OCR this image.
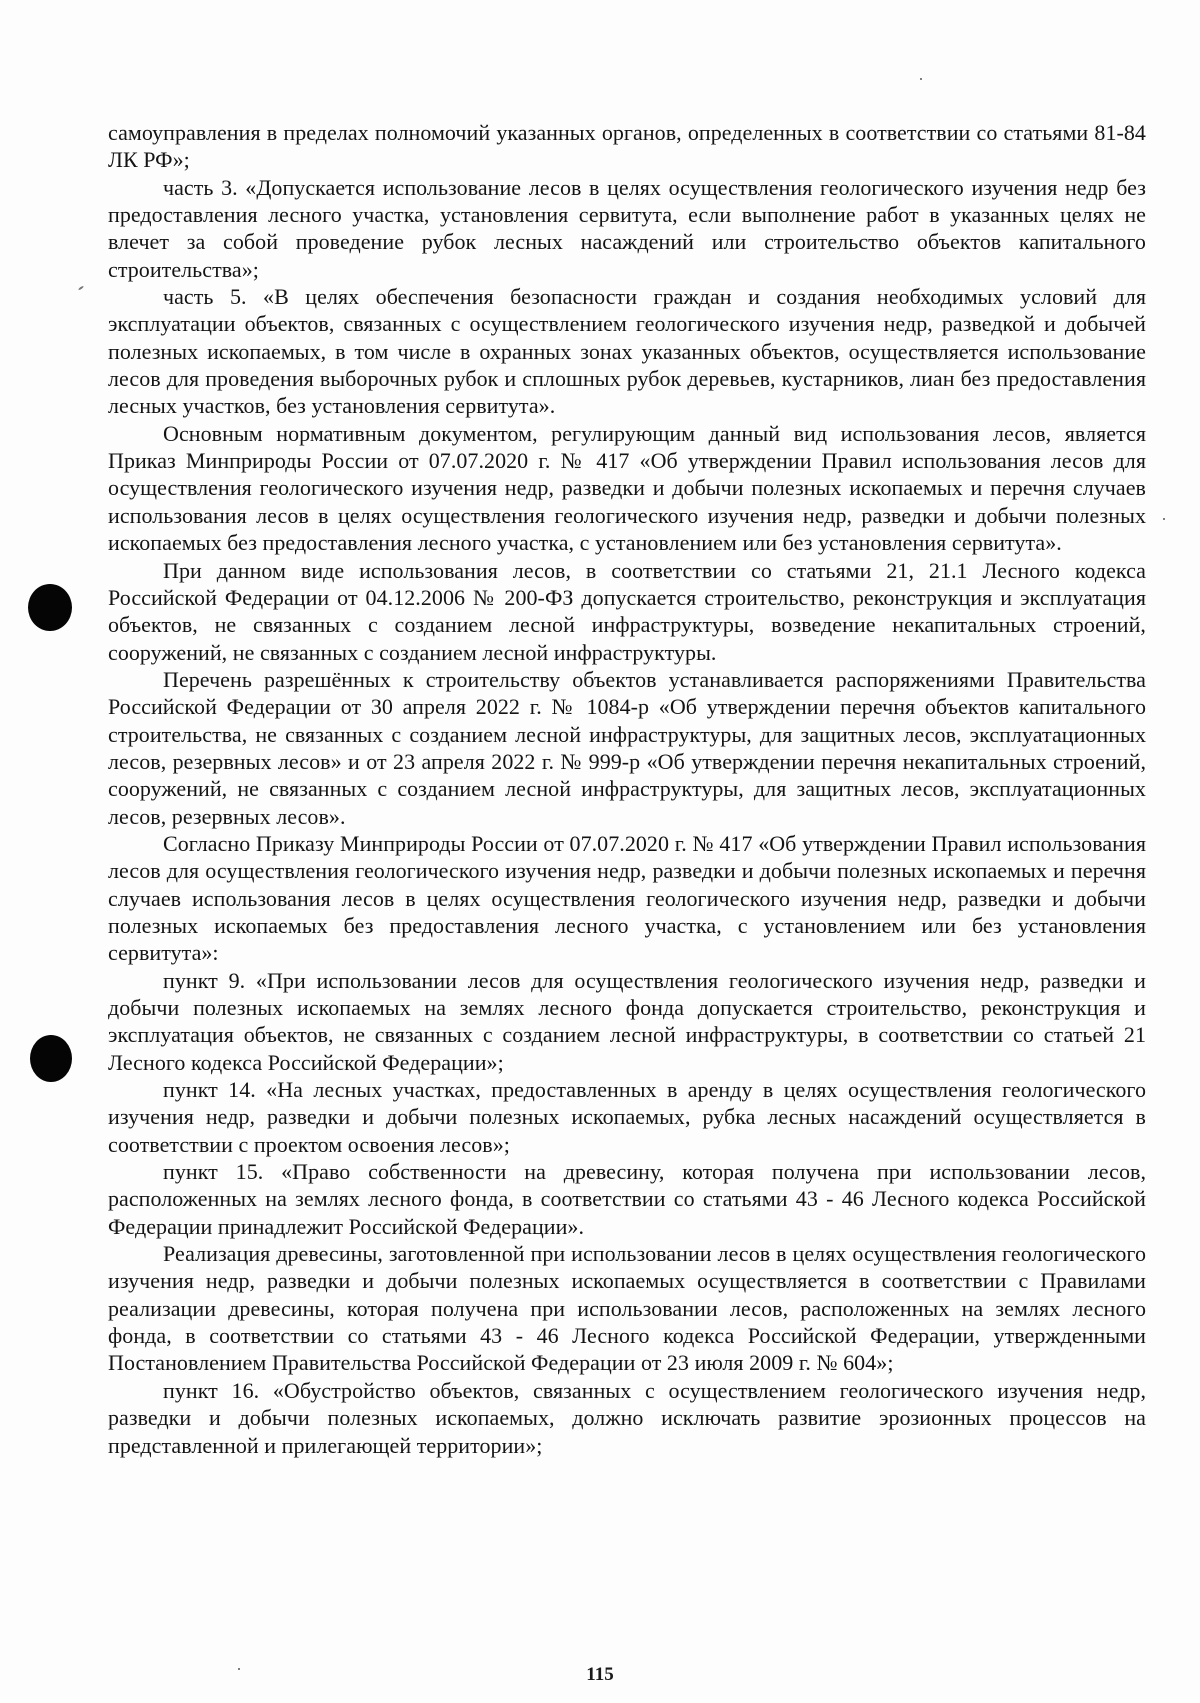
самоуправления в пределах полномочий указанных органов, определенных в соответствии со статьями 81-84 ЛК РФ»;

часть 3. «Допускается использование лесов в целях осуществления геологического изучения недр без предоставления лесного участка, установления сервитута, если выполнение работ в указанных целях не влечет за собой проведение рубок лесных насаждений или строительство объектов капитального строительства»;

часть 5. «В целях обеспечения безопасности граждан и создания необходимых условий для эксплуатации объектов, связанных с осуществлением геологического изучения недр, разведкой и добычей полезных ископаемых, в том числе в охранных зонах указанных объектов, осуществляется использование лесов для проведения выборочных рубок и сплошных рубок деревьев, кустарников, лиан без предоставления лесных участков, без установления сервитута».

Основным нормативным документом, регулирующим данный вид использования лесов, является Приказ Минприроды России от 07.07.2020 г. № 417 «Об утверждении Правил использования лесов для осуществления геологического изучения недр, разведки и добычи полезных ископаемых и перечня случаев использования лесов в целях осуществления геологического изучения недр, разведки и добычи полезных ископаемых без предоставления лесного участка, с установлением или без установления сервитута».

При данном виде использования лесов, в соответствии со статьями 21, 21.1 Лесного кодекса Российской Федерации от 04.12.2006 № 200-ФЗ допускается строительство, реконструкция и эксплуатация объектов, не связанных с созданием лесной инфраструктуры, возведение некапитальных строений, сооружений, не связанных с созданием лесной инфраструктуры.

Перечень разрешённых к строительству объектов устанавливается распоряжениями Правительства Российской Федерации от 30 апреля 2022 г. № 1084-р «Об утверждении перечня объектов капитального строительства, не связанных с созданием лесной инфраструктуры, для защитных лесов, эксплуатационных лесов, резервных лесов» и от 23 апреля 2022 г. № 999-р «Об утверждении перечня некапитальных строений, сооружений, не связанных с созданием лесной инфраструктуры, для защитных лесов, эксплуатационных лесов, резервных лесов».

Согласно Приказу Минприроды России от 07.07.2020 г. № 417 «Об утверждении Правил использования лесов для осуществления геологического изучения недр, разведки и добычи полезных ископаемых и перечня случаев использования лесов в целях осуществления геологического изучения недр, разведки и добычи полезных ископаемых без предоставления лесного участка, с установлением или без установления сервитута»:

пункт 9. «При использовании лесов для осуществления геологического изучения недр, разведки и добычи полезных ископаемых на землях лесного фонда допускается строительство, реконструкция и эксплуатация объектов, не связанных с созданием лесной инфраструктуры, в соответствии со статьей 21 Лесного кодекса Российской Федерации»;

пункт 14. «На лесных участках, предоставленных в аренду в целях осуществления геологического изучения недр, разведки и добычи полезных ископаемых, рубка лесных насаждений осуществляется в соответствии с проектом освоения лесов»;

пункт 15. «Право собственности на древесину, которая получена при использовании лесов, расположенных на землях лесного фонда, в соответствии со статьями 43 - 46 Лесного кодекса Российской Федерации принадлежит Российской Федерации».

Реализация древесины, заготовленной при использовании лесов в целях осуществления геологического изучения недр, разведки и добычи полезных ископаемых осуществляется в соответствии с Правилами реализации древесины, которая получена при использовании лесов, расположенных на землях лесного фонда, в соответствии со статьями 43 - 46 Лесного кодекса Российской Федерации, утвержденными Постановлением Правительства Российской Федерации от 23 июля 2009 г. № 604»;

пункт 16. «Обустройство объектов, связанных с осуществлением геологического изучения недр, разведки и добычи полезных ископаемых, должно исключать развитие эрозионных процессов на представленной и прилегающей территории»;

115
